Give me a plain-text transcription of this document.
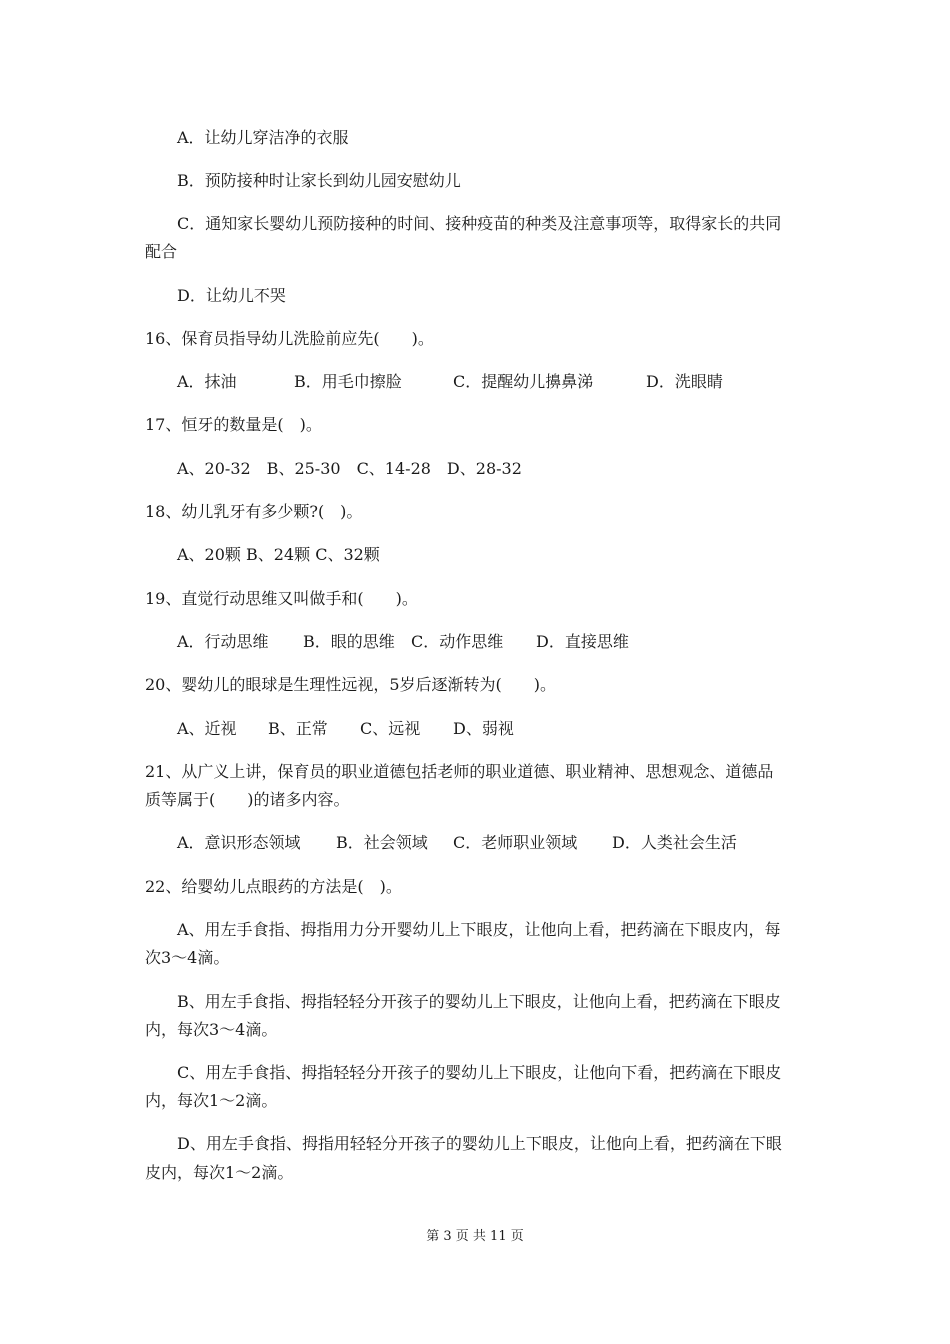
A．让幼儿穿洁净的衣服
B．预防接种时让家长到幼儿园安慰幼儿
C．通知家长婴幼儿预防接种的时间、接种疫苗的种类及注意事项等，取得家长的共同
配合
D．让幼儿不哭
16、保育员指导幼儿洗脸前应先(　　)。
A．抹油	B．用毛巾擦脸	C．提醒幼儿擤鼻涕	D．洗眼睛
17、恒牙的数量是(　)。
A、20-32　B、25-30　C、14-28　D、28-32
18、幼儿乳牙有多少颗?(　)。
A、20颗 B、24颗 C、32颗
19、直觉行动思维又叫做手和(　　)。
A．行动思维 B．眼的思维 C．动作思维 D．直接思维
20、婴幼儿的眼球是生理性远视，5岁后逐渐转为(　　)。
A、近视 B、正常 C、远视 D、弱视
21、从广义上讲，保育员的职业道德包括老师的职业道德、职业精神、思想观念、道德品
质等属于(　　)的诸多内容。
A．意识形态领域 B．社会领域 C．老师职业领域 D．人类社会生活
22、给婴幼儿点眼药的方法是(　)。
A、用左手食指、拇指用力分开婴幼儿上下眼皮，让他向上看，把药滴在下眼皮内，每
次3～4滴。
B、用左手食指、拇指轻轻分开孩子的婴幼儿上下眼皮，让他向上看，把药滴在下眼皮
内，每次3～4滴。
C、用左手食指、拇指轻轻分开孩子的婴幼儿上下眼皮，让他向下看，把药滴在下眼皮
内，每次1～2滴。
D、用左手食指、拇指用轻轻分开孩子的婴幼儿上下眼皮，让他向上看，把药滴在下眼
皮内，每次1～2滴。
第 3 页 共 11 页
